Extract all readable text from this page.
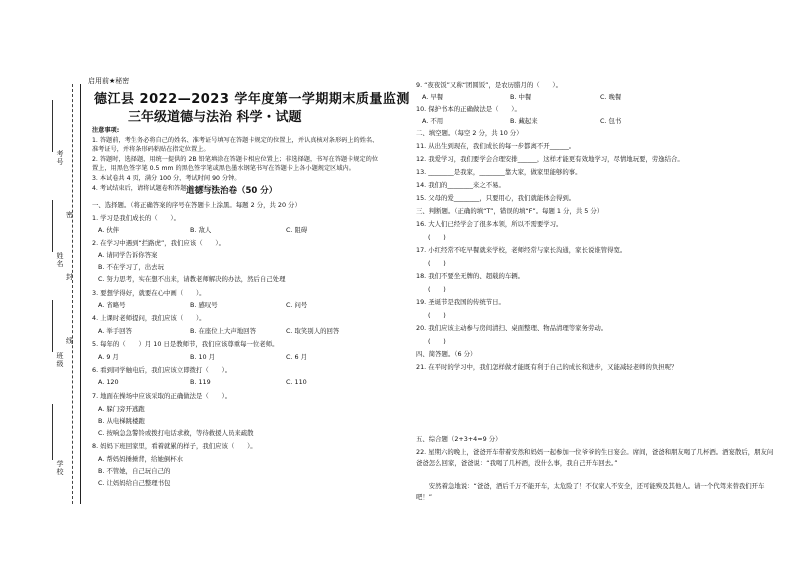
密
封
线
考号
姓名
班级
学校
启用前★秘密
德江县 2022—2023 学年度第一学期期末质量监测
三年级道德与法治 科学・试题

注意事项:

1. 答题前，考生务必将自己的姓名、准考证号填写在答题卡规定的位置上，并认真核对条形码上的姓名、准考证号，并将条形码粘贴在指定位置上。

2. 答题时，选择题，用统一提供的 2B 铅笔填涂在答题卡相应位置上；非选择题，书写在答题卡规定的位置上，用黑色签字笔 0.5 mm 的黑色签字笔或黑色墨水钢笔书写在答题卡上各小题规定区域内。

3. 本试卷共 4 页，满分 100 分，考试时间 90 分钟。

4. 考试结束后，请将试题卷和答题卡一并交回。

道德与法治卷（50 分）
一、选择题。（将正确答案的序号在答题卡上涂黑。每题 2 分，共 20 分）
1. 学习是我们成长的（　　）。
A. 伙伴	B. 敌人	C. 阻碍
2. 在学习中遇到“拦路虎”，我们应该（　　）。
A. 请同学告诉你答案
B. 不在学习了，出去玩
C. 努力思考，实在想不出来，请教老师解决的办法，然后自己处理
3. 要想学得好，就要在心中画（　　）。
A. 省略号	B. 感叹号	C. 问号
4. 上课时老师提问，我们应该（　　）。
A. 举手回答	B. 在座位上大声地回答	C. 取笑别人的回答
5. 每年的（　　）月 10 日是教师节，我们应该尊重每一位老师。
A. 9 月	B. 10 月	C. 6 月
6. 看到同学触电后，我们应该立即拨打（　　）。
A. 120	B. 119	C. 110
7. 地面在操场中应该采取的正确做法是（　　）。
A. 躲门旁开逃跑
B. 从电梯跳楼跑
C. 按响急急警铃或拨打电话求救，等待救援人员来疏散
8. 妈妈下班回家里，看着就累的样子，我们应该（　　）。
A. 帮妈妈捶捶背，给她倒杯水
B. 不管她，自己玩自己的
C. 让妈妈给自己整理书包
9. “夜夜饭”又称“团圆饭”，是农历腊月的（　　）。
A. 早餐	B. 中餐	C. 晚餐
10. 保护书本的正确做法是（　　）。
A. 不用	B. 藏起来	C. 包书
二、填空题。（每空 2 分，共 10 分）
11. 从出生到现在，我们成长的每一步都离不开______。
12. 我爱学习，我们要学会合理安排______，这样才能更有效地学习，尽情地玩要，劳逸结合。
13. ________是我家，________靠大家，做家里能够的事。
14. 我们的________来之不易。
15. 父母的爱________，只要用心，我们就能体会得到。
三、判断题。（正确的填“T”，错误的填“F”。每题 1 分，共 5 分）
16. 大人们已经学会了很多本领，所以不需要学习。
(　　)
17. 小红经常不吃早餐就来学校，老师经常与家长沟通，家长说谁管得宽。
(　　)
18. 我们不要坐无牌的、超载的车辆。
(　　)
19. 圣诞节是我国的传统节日。
(　　)
20. 我们应该主动参与房间清扫、桌面整理、物品清理等家务劳动。
(　　)
四、简答题。（6 分）
21. 在平时的学习中，我们怎样做才能既有利于自己的成长和进步，又能减轻老师的负担呢？
五、综合题（2+3+4=9 分）
22. 星期六的晚上，爸爸开车带着安然和妈妈一起参加一位爷爷的生日宴会。席间，爸爸和朋友喝了几杯酒。酒宴散后，朋友问爸爸怎么回家，爸爸说：“我喝了几杯酒，没什么事，我自己开车回去。”
安然着急地说：“爸爸，酒后千万不能开车，太危险了！不仅家人不安全，还可能殃及其他人。请一个代驾来替我们开车吧！”
